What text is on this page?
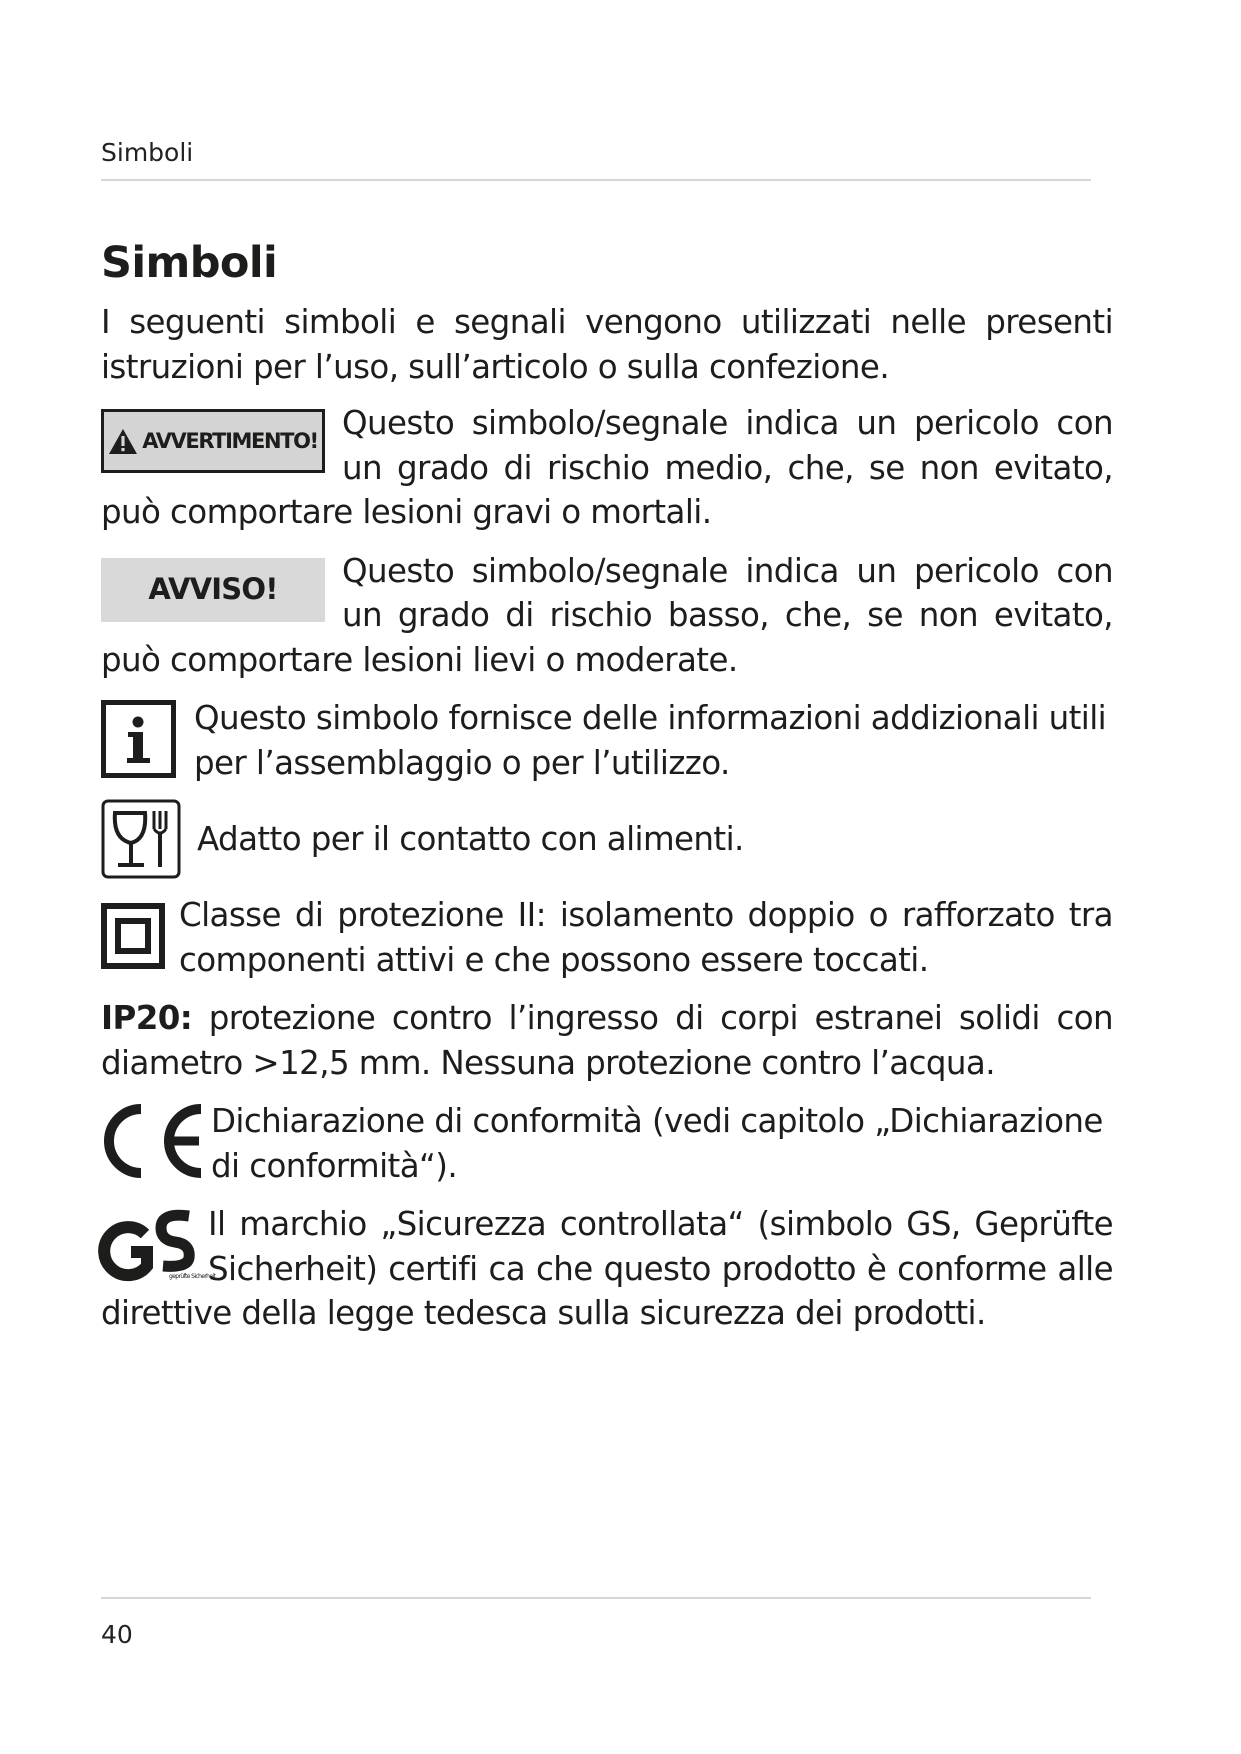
Simboli
Simboli

I seguenti simboli e segnali vengono utilizzati nelle presenti istruzioni per l’uso, sull’articolo o sulla confezione.

AVVERTIMENTO! Questo simbolo/segnale indica un pericolo con un grado di rischio medio, che, se non evitato, può comportare lesioni gravi o mortali.

AVVISO!	Questo simbolo/segnale indica un pericolo con un grado di rischio basso, che, se non evitato, può comportare lesioni lievi o moderate.

Questo simbolo fornisce delle informazioni addizionali utili per l’assemblaggio o per l’utilizzo.

Adatto per il contatto con alimenti.

Classe di protezione II: isolamento doppio o rafforzato tra componenti attivi e che possono essere toccati.

IP20: protezione contro l’ingresso di corpi estranei solidi con diametro >12,5 mm. Nessuna protezione contro l’acqua.

Dichiarazione di conformità (vedi capitolo „Dichiarazione di conformità“).

geprüfte Sicherheit

Il marchio „Sicurezza controllata“ (simbolo GS, Geprüfte Sicherheit) certifi ca che questo prodotto è conforme alle direttive della legge tedesca sulla sicurezza dei prodotti.

40
